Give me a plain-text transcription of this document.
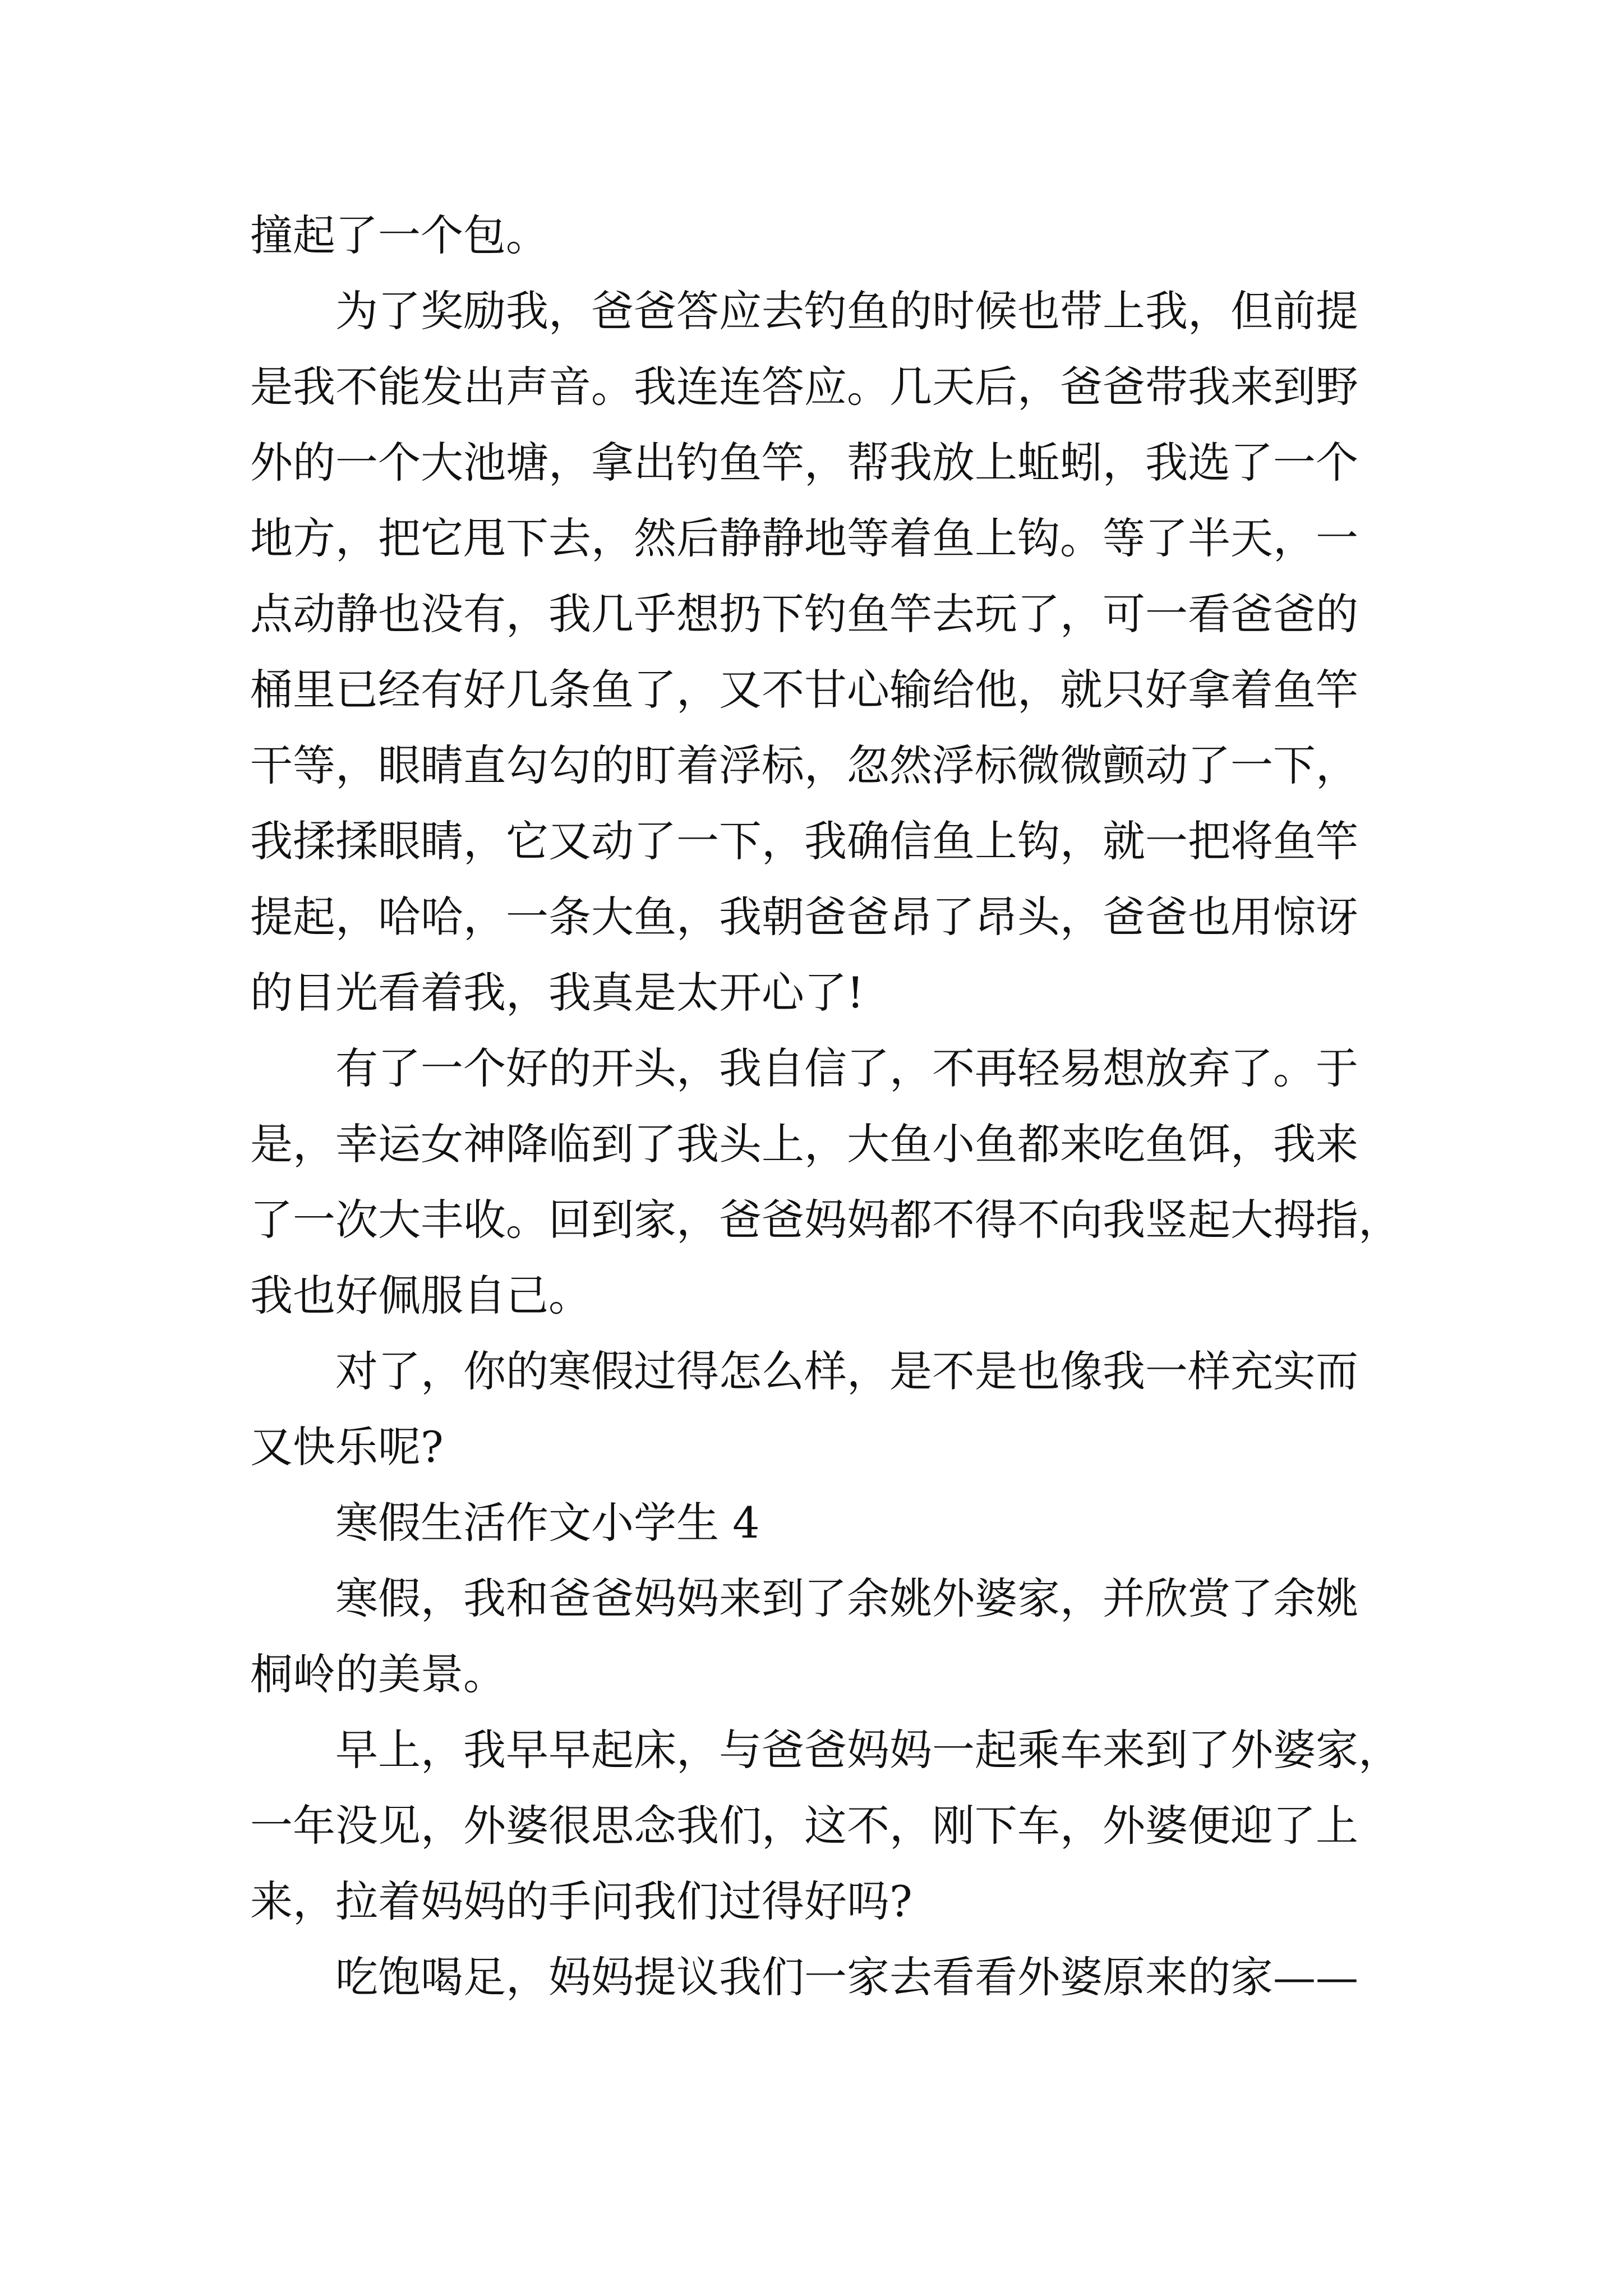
撞起了一个包。
为了奖励我，爸爸答应去钓鱼的时候也带上我，但前提
是我不能发出声音。我连连答应。几天后，爸爸带我来到野
外的一个大池塘，拿出钓鱼竿，帮我放上蚯蚓，我选了一个
地方，把它甩下去，然后静静地等着鱼上钩。等了半天，一
点动静也没有，我几乎想扔下钓鱼竿去玩了，可一看爸爸的
桶里已经有好几条鱼了，又不甘心输给他，就只好拿着鱼竿
干等，眼睛直勾勾的盯着浮标，忽然浮标微微颤动了一下，
我揉揉眼睛，它又动了一下，我确信鱼上钩，就一把将鱼竿
提起，哈哈，一条大鱼，我朝爸爸昂了昂头，爸爸也用惊讶
的目光看着我，我真是太开心了!
有了一个好的开头，我自信了，不再轻易想放弃了。于
是，幸运女神降临到了我头上，大鱼小鱼都来吃鱼饵，我来
了一次大丰收。回到家，爸爸妈妈都不得不向我竖起大拇指，
我也好佩服自己。
对了，你的寒假过得怎么样，是不是也像我一样充实而
又快乐呢?
寒假生活作文小学生 4
寒假，我和爸爸妈妈来到了余姚外婆家，并欣赏了余姚
桐岭的美景。
早上，我早早起床，与爸爸妈妈一起乘车来到了外婆家，
一年没见，外婆很思念我们，这不，刚下车，外婆便迎了上
来，拉着妈妈的手问我们过得好吗?
吃饱喝足，妈妈提议我们一家去看看外婆原来的家——
